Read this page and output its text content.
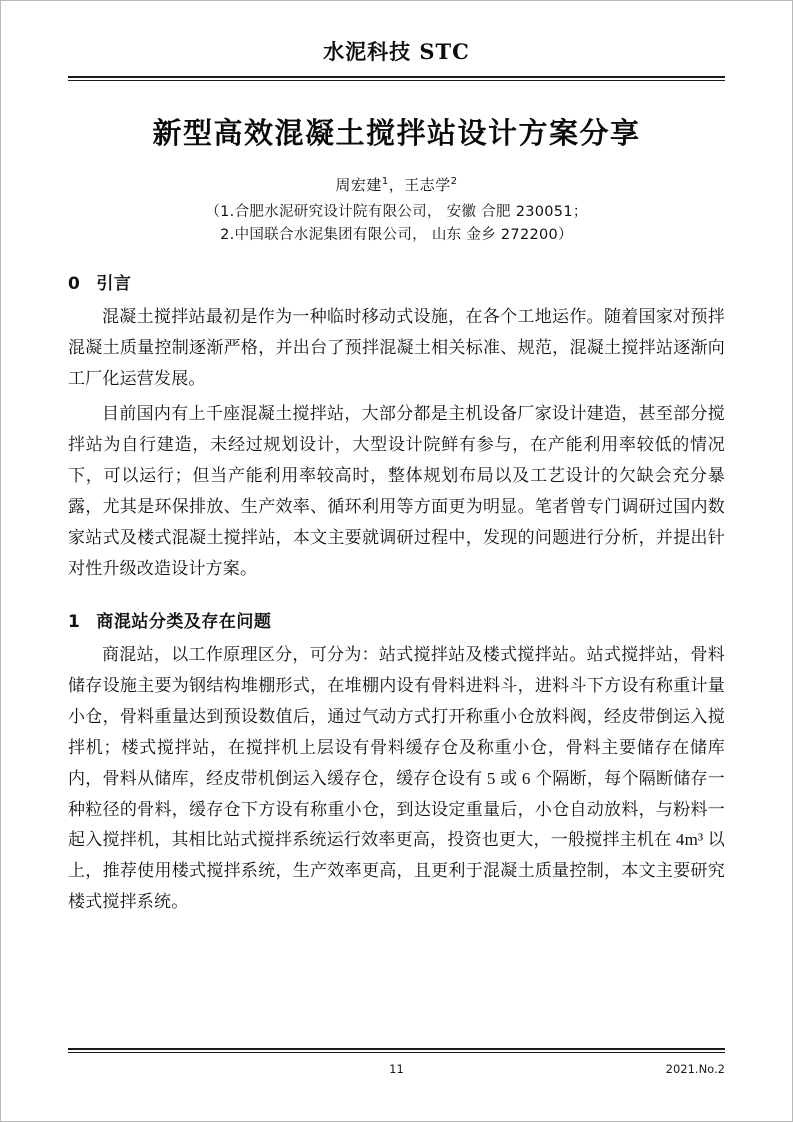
水泥科技 STC
新型高效混凝土搅拌站设计方案分享
周宏建$^1$，王志学$^2$
（1.合肥水泥研究设计院有限公司， 安徽 合肥 230051；
2.中国联合水泥集团有限公司， 山东 金乡 272200）
0 引言

混凝土搅拌站最初是作为一种临时移动式设施，在各个工地运作。随着国家对预拌混凝土质量控制逐渐严格，并出台了预拌混凝土相关标准、规范，混凝土搅拌站逐渐向工厂化运营发展。

目前国内有上千座混凝土搅拌站，大部分都是主机设备厂家设计建造，甚至部分搅拌站为自行建造，未经过规划设计，大型设计院鲜有参与，在产能利用率较低的情况下，可以运行；但当产能利用率较高时，整体规划布局以及工艺设计的欠缺会充分暴露，尤其是环保排放、生产效率、循环利用等方面更为明显。笔者曾专门调研过国内数家站式及楼式混凝土搅拌站，本文主要就调研过程中，发现的问题进行分析，并提出针对性升级改造设计方案。

1 商混站分类及存在问题

商混站，以工作原理区分，可分为：站式搅拌站及楼式搅拌站。站式搅拌站，骨料储存设施主要为钢结构堆棚形式，在堆棚内设有骨料进料斗，进料斗下方设有称重计量小仓，骨料重量达到预设数值后，通过气动方式打开称重小仓放料阀，经皮带倒运入搅拌机；楼式搅拌站，在搅拌机上层设有骨料缓存仓及称重小仓，骨料主要储存在储库内，骨料从储库，经皮带机倒运入缓存仓，缓存仓设有 5 或 6 个隔断，每个隔断储存一种粒径的骨料，缓存仓下方设有称重小仓，到达设定重量后，小仓自动放料，与粉料一起入搅拌机，其相比站式搅拌系统运行效率更高，投资也更大，一般搅拌主机在 4m³ 以上，推荐使用楼式搅拌系统，生产效率更高，且更利于混凝土质量控制，本文主要研究楼式搅拌系统。

11	2021.No.2
